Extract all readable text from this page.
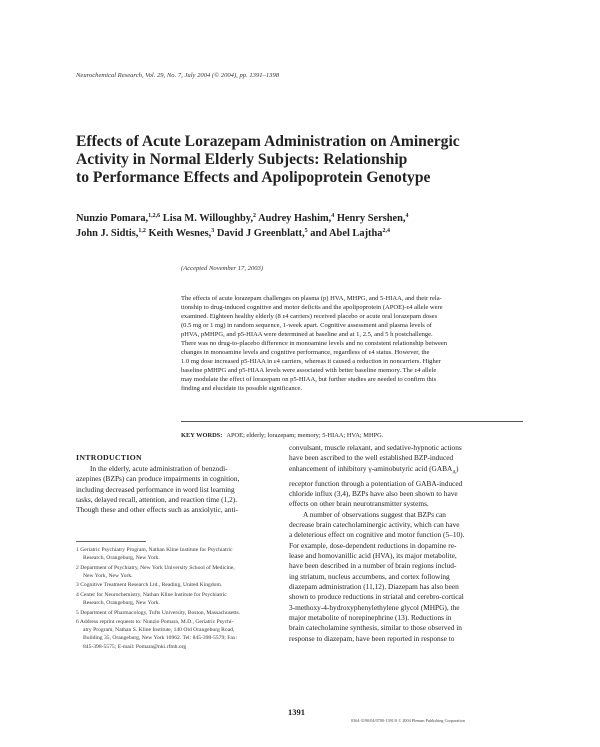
Neurochemical Research, Vol. 29, No. 7, July 2004 (© 2004), pp. 1391–1398
Effects of Acute Lorazepam Administration on Aminergic
Activity in Normal Elderly Subjects: Relationship
to Performance Effects and Apolipoprotein Genotype
Nunzio Pomara,$^{1,2,6}$ Lisa M. Willoughby,$^2$ Audrey Hashim,$^4$ Henry Sershen,$^4$
John J. Sidtis,$^{1,2}$ Keith Wesnes,$^3$ David J Greenblatt,$^5$ and Abel Lajtha$^{2,4}$
(Accepted November 17, 2003)
The effects of acute lorazepam challenges on plasma (p) HVA, MHPG, and 5-HIAA, and their rela-
tionship to drug-induced cognitive and motor deficits and the apolipoprotein (APOE)-ε4 allele were
examined. Eighteen healthy elderly (8 ε4 carriers) received placebo or acute oral lorazepam doses
(0.5 mg or 1 mg) in random sequence, 1-week apart. Cognitive assessment and plasma levels of
pHVA, pMHPG, and p5-HIAA were determined at baseline and at 1, 2.5, and 5 h postchallenge.
There was no drug-to-placebo difference in monoamine levels and no consistent relationship between
changes in monoamine levels and cognitive performance, regardless of ε4 status. However, the
1.0 mg dose increased p5-HIAA in ε4 carriers, whereas it caused a reduction in noncarriers. Higher
baseline pMHPG and p5-HIAA levels were associated with better baseline memory. The ε4 allele
may modulate the effect of lorazepam on p5-HIAA, but further studies are needed to confirm this
finding and elucidate its possible significance.
KEY WORDS: APOE; elderly; lorazepam; memory; 5-HIAA; HVA; MHPG.
INTRODUCTION
In the elderly, acute administration of benzodi-
azepines (BZPs) can produce impairments in cognition,
including decreased performance in word list learning
tasks, delayed recall, attention, and reaction time (1,2).
Though these and other effects such as anxiolytic, anti-
1 Geriatric Psychiatry Program, Nathan Kline Institute for Psychiatric
Research, Orangeburg, New York.
2 Department of Psychiatry, New York University School of Medicine,
New York, New York.
3 Cognitive Treatment Research Ltd., Reading, United Kingdom.
4 Center for Neurochemistry, Nathan Kline Institute for Psychiatric
Research, Orangeburg, New York.
5 Department of Pharmacology, Tufts University, Boston, Massachusetts.
6 Address reprint requests to: Nunzio Pomara, M.D., Geriatric Psychi-
atry Program, Nathan S. Kline Institute, 140 Old Orangeburg Road,
Building 35, Orangeburg, New York 10962. Tel: 845-398-5579; Fax:
845-398-5575; E-mail: Pomara@nki.rfmh.org
convulsant, muscle relaxant, and sedative-hypnotic actions
have been ascribed to the well established BZP-induced
enhancement of inhibitory γ-aminobutyric acid $(GABA_A)$
receptor function through a potentiation of GABA-induced
chloride influx (3,4), BZPs have also been shown to have
effects on other brain neurotransmitter systems.
A number of observations suggest that BZPs can
decrease brain catecholaminergic activity, which can have
a deleterious effect on cognitive and motor function (5–10).
For example, dose-dependent reductions in dopamine re-
lease and homovanillic acid (HVA), its major metabolite,
have been described in a number of brain regions includ-
ing striatum, nucleus accumbens, and cortex following
diazepam administration (11,12). Diazepam has also been
shown to produce reductions in striatal and cerebro-cortical
3-methoxy-4-hydroxyphenylethylene glycol (MHPG), the
major metabolite of norepinephrine (13). Reductions in
brain catecholamine synthesis, similar to those observed in
response to diazepam, have been reported in response to
1391
0364-3190/04/0700-1391/0 © 2004 Plenum Publishing Corporation
